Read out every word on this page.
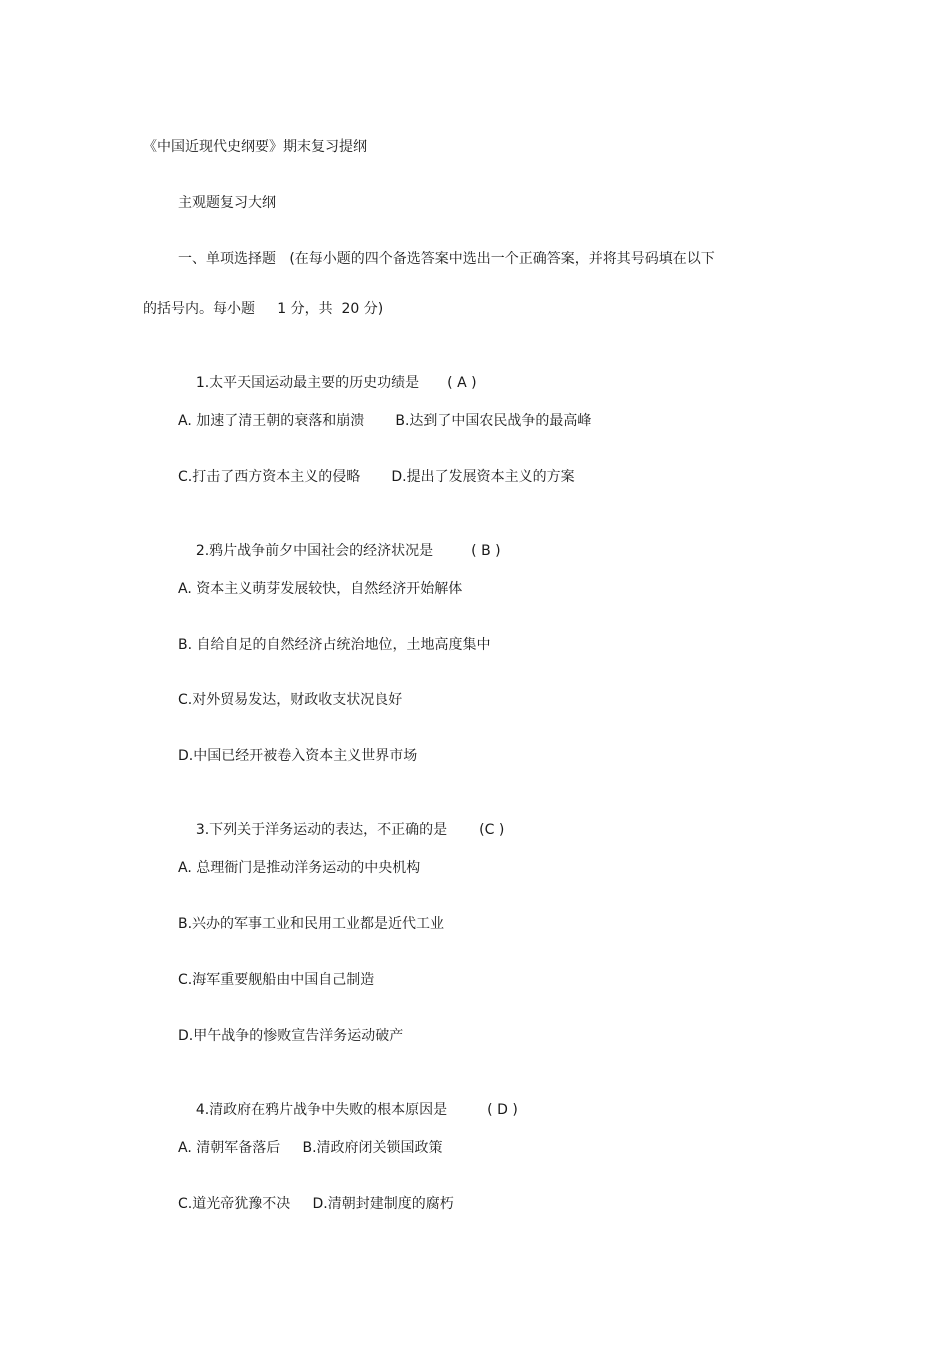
《中国近现代史纲要》期末复习提纲
主观题复习大纲
一、单项选择题   (在每小题的四个备选答案中选出一个正确答案，并将其号码填在以下
的括号内。每小题     1 分，共  20 分)

1.太平天国运动最主要的历史功绩是 ( A )

A. 加速了清王朝的衰落和崩溃       B.达到了中国农民战争的最高峰
C.打击了西方资本主义的侵略       D.提出了发展资本主义的方案

2.鸦片战争前夕中国社会的经济状况是	( B )

A. 资本主义萌芽发展较快，自然经济开始解体
B. 自给自足的自然经济占统治地位，土地高度集中
C.对外贸易发达，财政收支状况良好
D.中国已经开被卷入资本主义世界市场

3.下列关于洋务运动的表达，不正确的是 (C )

A. 总理衙门是推动洋务运动的中央机构
B.兴办的军事工业和民用工业都是近代工业
C.海军重要舰船由中国自己制造
D.甲午战争的惨败宣告洋务运动破产

4.清政府在鸦片战争中失败的根本原因是	( D )

A. 清朝军备落后     B.清政府闭关锁国政策
C.道光帝犹豫不决     D.清朝封建制度的腐朽
